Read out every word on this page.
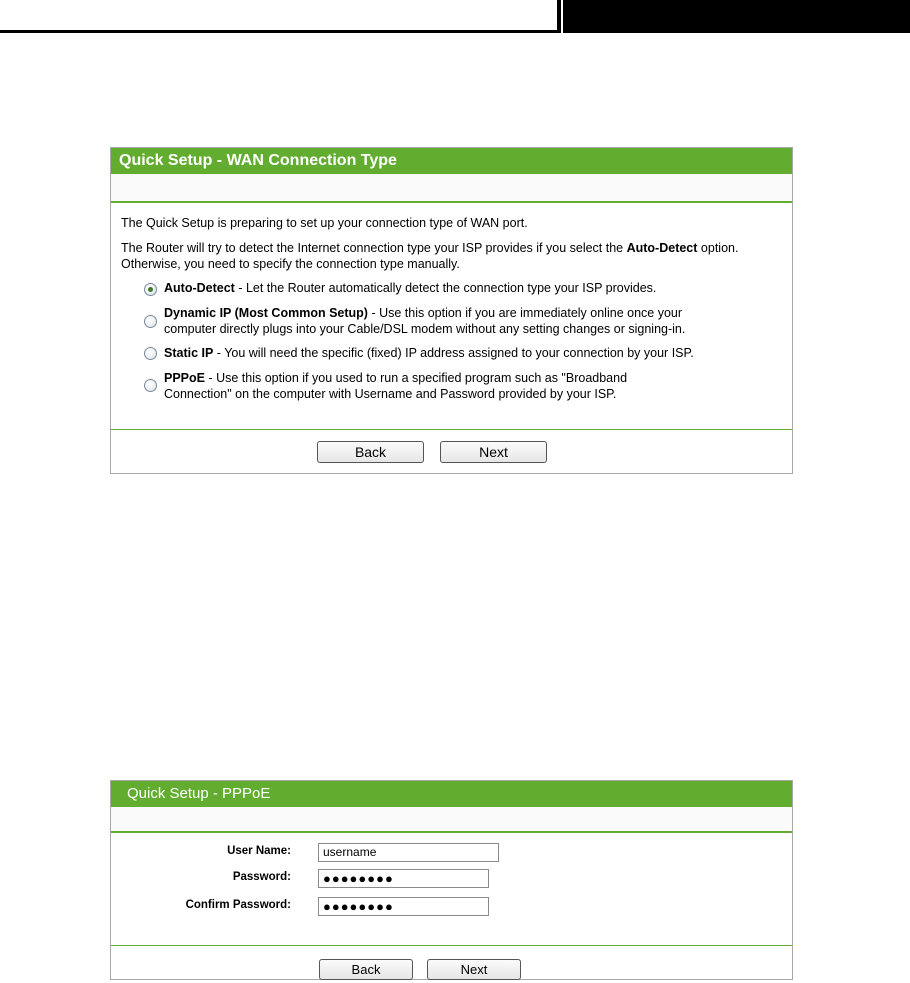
Quick Setup - WAN Connection Type
The Quick Setup is preparing to set up your connection type of WAN port.
The Router will try to detect the Internet connection type your ISP provides if you select the Auto-Detect option.
Otherwise, you need to specify the connection type manually.
Auto-Detect - Let the Router automatically detect the connection type your ISP provides.
Dynamic IP (Most Common Setup) - Use this option if you are immediately online once your
computer directly plugs into your Cable/DSL modem without any setting changes or signing-in.
Static IP - You will need the specific (fixed) IP address assigned to your connection by your ISP.
PPPoE - Use this option if you used to run a specified program such as "Broadband
Connection" on the computer with Username and Password provided by your ISP.
Back	Next
Quick Setup - PPPoE
User Name:	username
Password:	●●●●●●●●
Confirm Password:	●●●●●●●●
Back	Next
